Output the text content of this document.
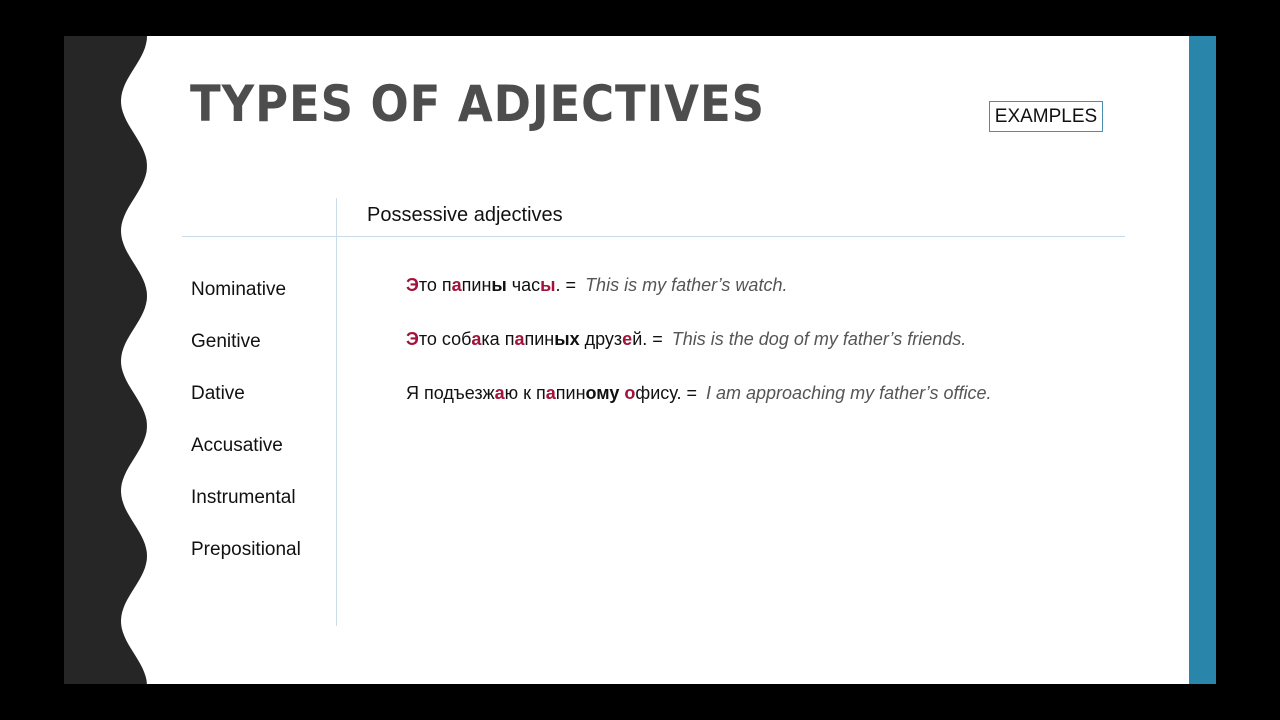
TYPES OF ADJECTIVES	EXAMPLES
Possessive adjectives
Nominative
Genitive
Dative
Accusative
Instrumental
Prepositional
Это папины часы. = This is my father’s watch.
Это собака папиных друзей. = This is the dog of my father’s friends.
Я подъезжаю к папиному офису. = I am approaching my father’s office.
